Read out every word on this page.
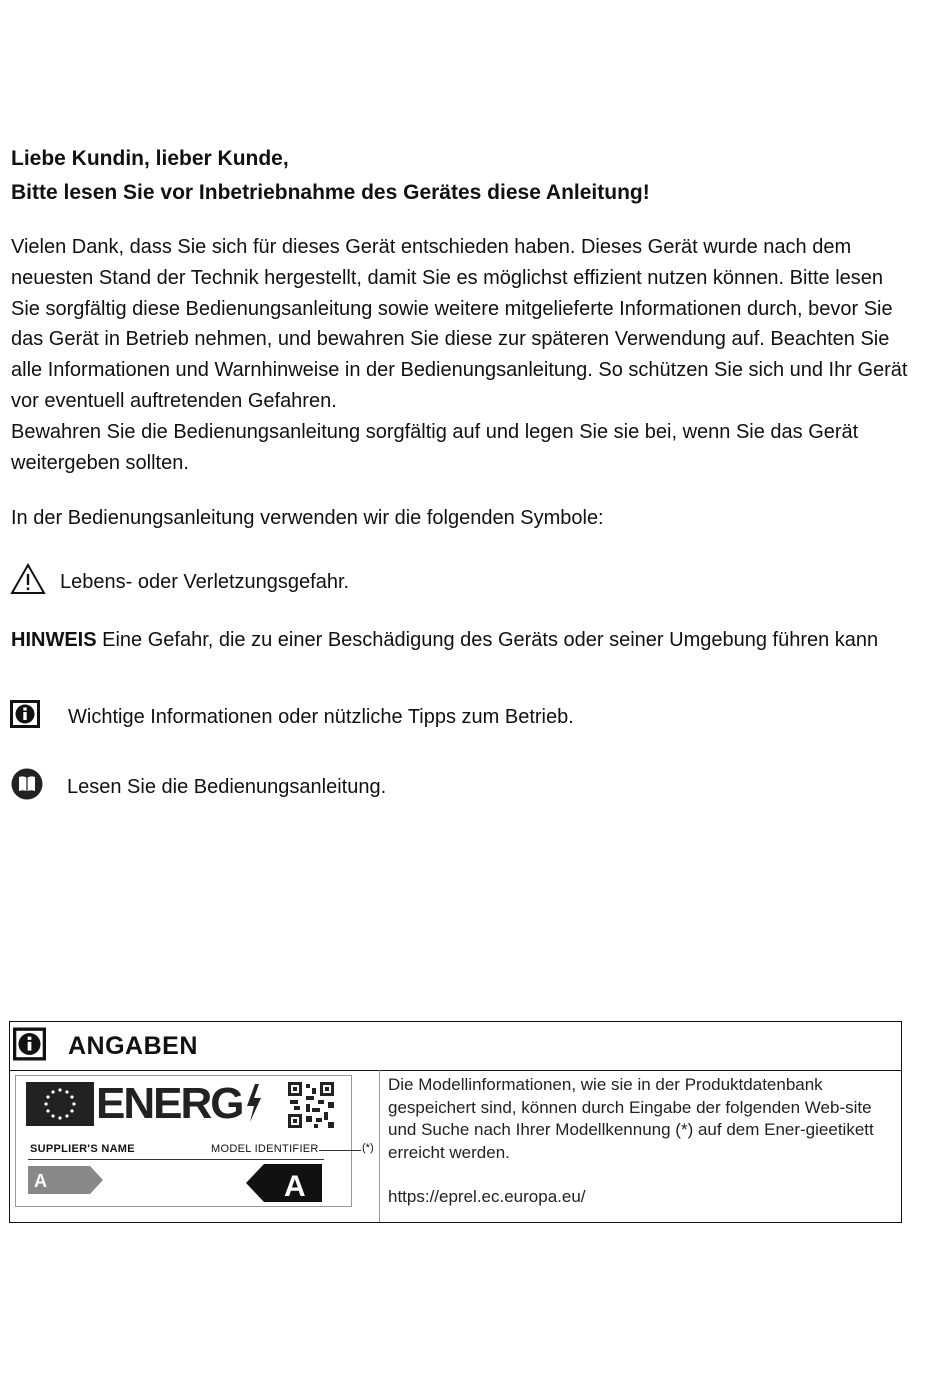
Liebe Kundin, lieber Kunde,
Bitte lesen Sie vor Inbetriebnahme des Gerätes diese Anleitung!

Vielen Dank, dass Sie sich für dieses Gerät entschieden haben. Dieses Gerät wurde nach dem neuesten Stand der Technik hergestellt, damit Sie es möglichst effizient nutzen können. Bitte lesen Sie sorgfältig diese Bedienungsanleitung sowie weitere mitgelieferte Informationen durch, bevor Sie das Gerät in Betrieb nehmen, und bewahren Sie diese zur späteren Verwendung auf. Beachten Sie alle Informationen und Warnhinweise in der Bedienungsanleitung. So schützen Sie sich und Ihr Gerät vor eventuell auftretenden Gefahren.

Bewahren Sie die Bedienungsanleitung sorgfältig auf und legen Sie sie bei, wenn Sie das Gerät weitergeben sollten.

In der Bedienungsanleitung verwenden wir die folgenden Symbole:
Lebens- oder Verletzungsgefahr.
HINWEIS Eine Gefahr, die zu einer Beschädigung des Geräts oder seiner Umgebung führen kann
Wichtige Informationen oder nützliche Tipps zum Betrieb.
Lesen Sie die Bedienungsanleitung.
ANGABEN
ENERG
SUPPLIER'S NAME	MODEL IDENTIFIER	(*)
A	A
Die Modellinformationen, wie sie in der Produktdatenbank gespeichert sind, können durch Eingabe der folgenden Web-site und Suche nach Ihrer Modellkennung (*) auf dem Ener-gieetikett erreicht werden.
https://eprel.ec.europa.eu/
